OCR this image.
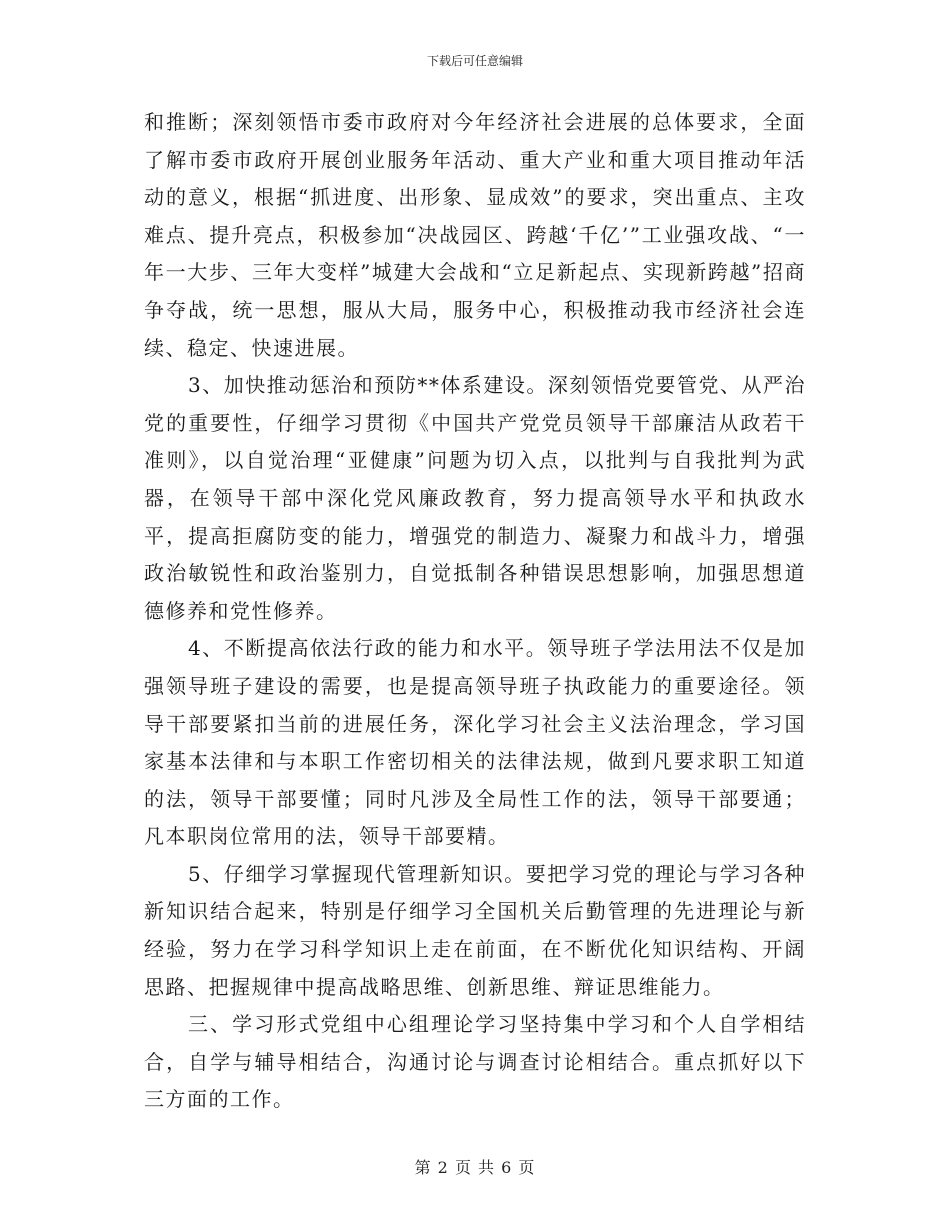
下载后可任意编辑

和推断；深刻领悟市委市政府对今年经济社会进展的总体要求，全面了解市委市政府开展创业服务年活动、重大产业和重大项目推动年活动的意义，根据“抓进度、出形象、显成效”的要求，突出重点、主攻难点、提升亮点，积极参加“决战园区、跨越‘千亿’”工业强攻战、“一年一大步、三年大变样”城建大会战和“立足新起点、实现新跨越”招商争夺战，统一思想，服从大局，服务中心，积极推动我市经济社会连续、稳定、快速进展。

3、加快推动惩治和预防**体系建设。深刻领悟党要管党、从严治党的重要性，仔细学习贯彻《中国共产党党员领导干部廉洁从政若干准则》，以自觉治理“亚健康”问题为切入点，以批判与自我批判为武器，在领导干部中深化党风廉政教育，努力提高领导水平和执政水平，提高拒腐防变的能力，增强党的制造力、凝聚力和战斗力，增强政治敏锐性和政治鉴别力，自觉抵制各种错误思想影响，加强思想道德修养和党性修养。

4、不断提高依法行政的能力和水平。领导班子学法用法不仅是加强领导班子建设的需要，也是提高领导班子执政能力的重要途径。领导干部要紧扣当前的进展任务，深化学习社会主义法治理念，学习国家基本法律和与本职工作密切相关的法律法规，做到凡要求职工知道的法，领导干部要懂；同时凡涉及全局性工作的法，领导干部要通；凡本职岗位常用的法，领导干部要精。

5、仔细学习掌握现代管理新知识。要把学习党的理论与学习各种新知识结合起来，特别是仔细学习全国机关后勤管理的先进理论与新经验，努力在学习科学知识上走在前面，在不断优化知识结构、开阔思路、把握规律中提高战略思维、创新思维、辩证思维能力。

三、学习形式党组中心组理论学习坚持集中学习和个人自学相结合，自学与辅导相结合，沟通讨论与调查讨论相结合。重点抓好以下三方面的工作。

第 2 页 共 6 页
